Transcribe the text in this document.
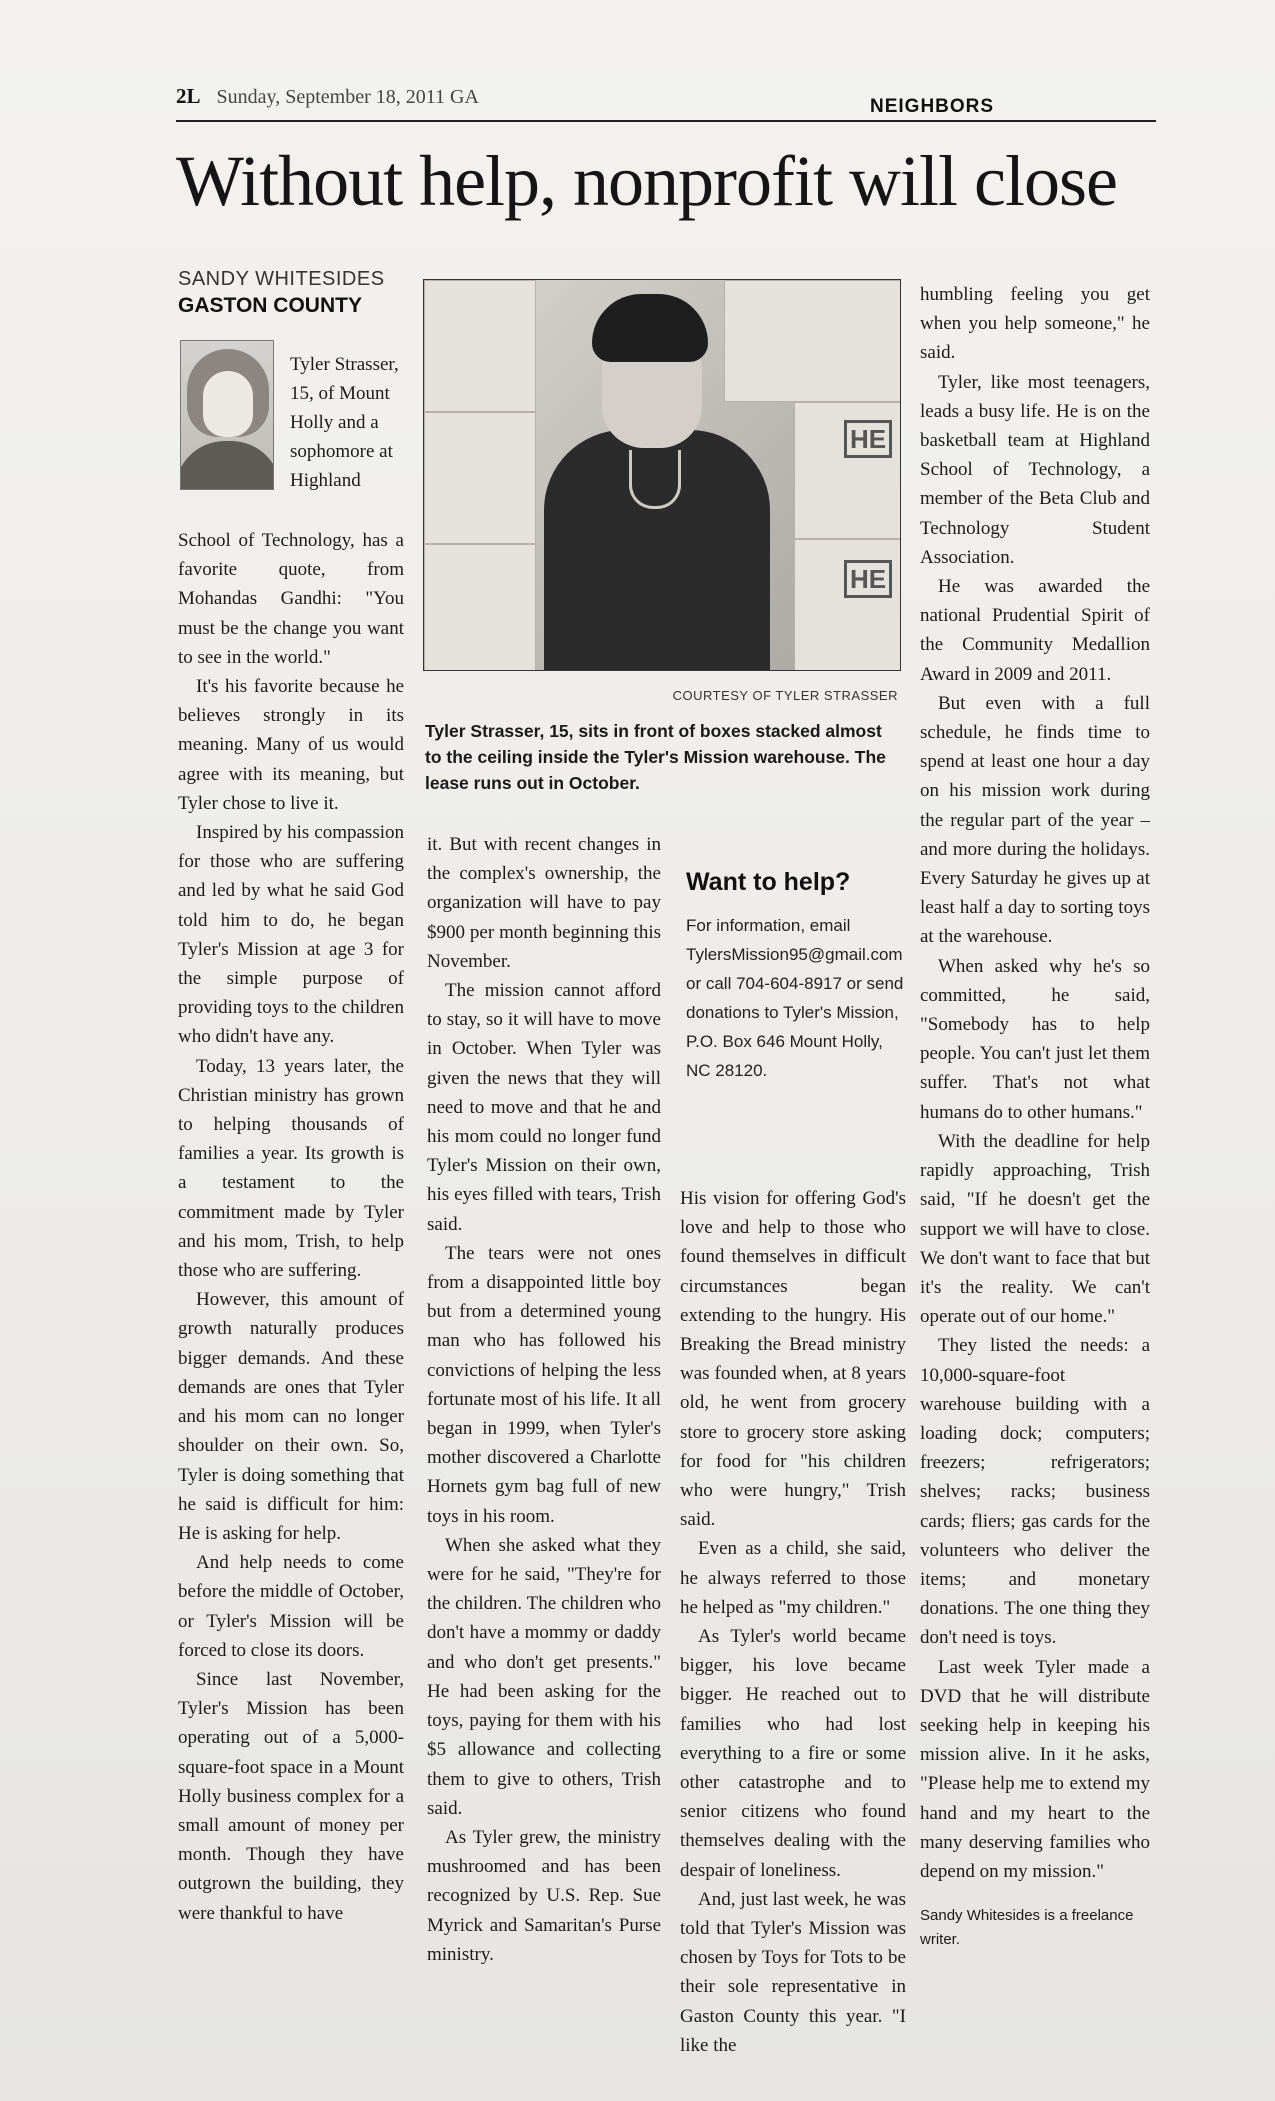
2L Sunday, September 18, 2011 GA	NEIGHBORS
Without help, nonprofit will close
SANDY WHITESIDES
GASTON COUNTY
HE
HE
COURTESY OF TYLER STRASSER

Tyler Strasser, 15, sits in front of boxes stacked almost to the ceiling inside the Tyler's Mission warehouse. The lease runs out in October.

Tyler Strasser, 15, of Mount Holly and a sophomore at Highland

School of Technology, has a favorite quote, from Mohandas Gandhi: "You must be the change you want to see in the world."

It's his favorite because he believes strongly in its meaning. Many of us would agree with its meaning, but Tyler chose to live it.

Inspired by his compassion for those who are suffering and led by what he said God told him to do, he began Tyler's Mission at age 3 for the simple purpose of providing toys to the children who didn't have any.

Today, 13 years later, the Christian ministry has grown to helping thousands of families a year. Its growth is a testament to the commitment made by Tyler and his mom, Trish, to help those who are suffering.

However, this amount of growth naturally produces bigger demands. And these demands are ones that Tyler and his mom can no longer shoulder on their own. So, Tyler is doing something that he said is difficult for him: He is asking for help.

And help needs to come before the middle of October, or Tyler's Mission will be forced to close its doors.

Since last November, Tyler's Mission has been operating out of a 5,000-square-foot space in a Mount Holly business complex for a small amount of money per month. Though they have outgrown the building, they were thankful to have

it. But with recent changes in the complex's ownership, the organization will have to pay $900 per month beginning this November.

The mission cannot afford to stay, so it will have to move in October. When Tyler was given the news that they will need to move and that he and his mom could no longer fund Tyler's Mission on their own, his eyes filled with tears, Trish said.

The tears were not ones from a disappointed little boy but from a determined young man who has followed his convictions of helping the less fortunate most of his life. It all began in 1999, when Tyler's mother discovered a Charlotte Hornets gym bag full of new toys in his room.

When she asked what they were for he said, "They're for the children. The children who don't have a mommy or daddy and who don't get presents." He had been asking for the toys, paying for them with his $5 allowance and collecting them to give to others, Trish said.

As Tyler grew, the ministry mushroomed and has been recognized by U.S. Rep. Sue Myrick and Samaritan's Purse ministry.

Want to help?

For information, email TylersMission95@gmail.com or call 704-604-8917 or send donations to Tyler's Mission, P.O. Box 646 Mount Holly, NC 28120.

His vision for offering God's love and help to those who found themselves in difficult circumstances began extending to the hungry. His Breaking the Bread ministry was founded when, at 8 years old, he went from grocery store to grocery store asking for food for "his children who were hungry," Trish said.

Even as a child, she said, he always referred to those he helped as "my children."

As Tyler's world became bigger, his love became bigger. He reached out to families who had lost everything to a fire or some other catastrophe and to senior citizens who found themselves dealing with the despair of loneliness.

And, just last week, he was told that Tyler's Mission was chosen by Toys for Tots to be their sole representative in Gaston County this year. "I like the

humbling feeling you get when you help someone," he said.

Tyler, like most teenagers, leads a busy life. He is on the basketball team at Highland School of Technology, a member of the Beta Club and Technology Student Association.

He was awarded the national Prudential Spirit of the Community Medallion Award in 2009 and 2011.

But even with a full schedule, he finds time to spend at least one hour a day on his mission work during the regular part of the year – and more during the holidays. Every Saturday he gives up at least half a day to sorting toys at the warehouse.

When asked why he's so committed, he said, "Somebody has to help people. You can't just let them suffer. That's not what humans do to other humans."

With the deadline for help rapidly approaching, Trish said, "If he doesn't get the support we will have to close. We don't want to face that but it's the reality. We can't operate out of our home."

They listed the needs: a 10,000-square-foot warehouse building with a loading dock; computers; freezers; refrigerators; shelves; racks; business cards; fliers; gas cards for the volunteers who deliver the items; and monetary donations. The one thing they don't need is toys.

Last week Tyler made a DVD that he will distribute seeking help in keeping his mission alive. In it he asks, "Please help me to extend my hand and my heart to the many deserving families who depend on my mission."

Sandy Whitesides is a freelance writer.
